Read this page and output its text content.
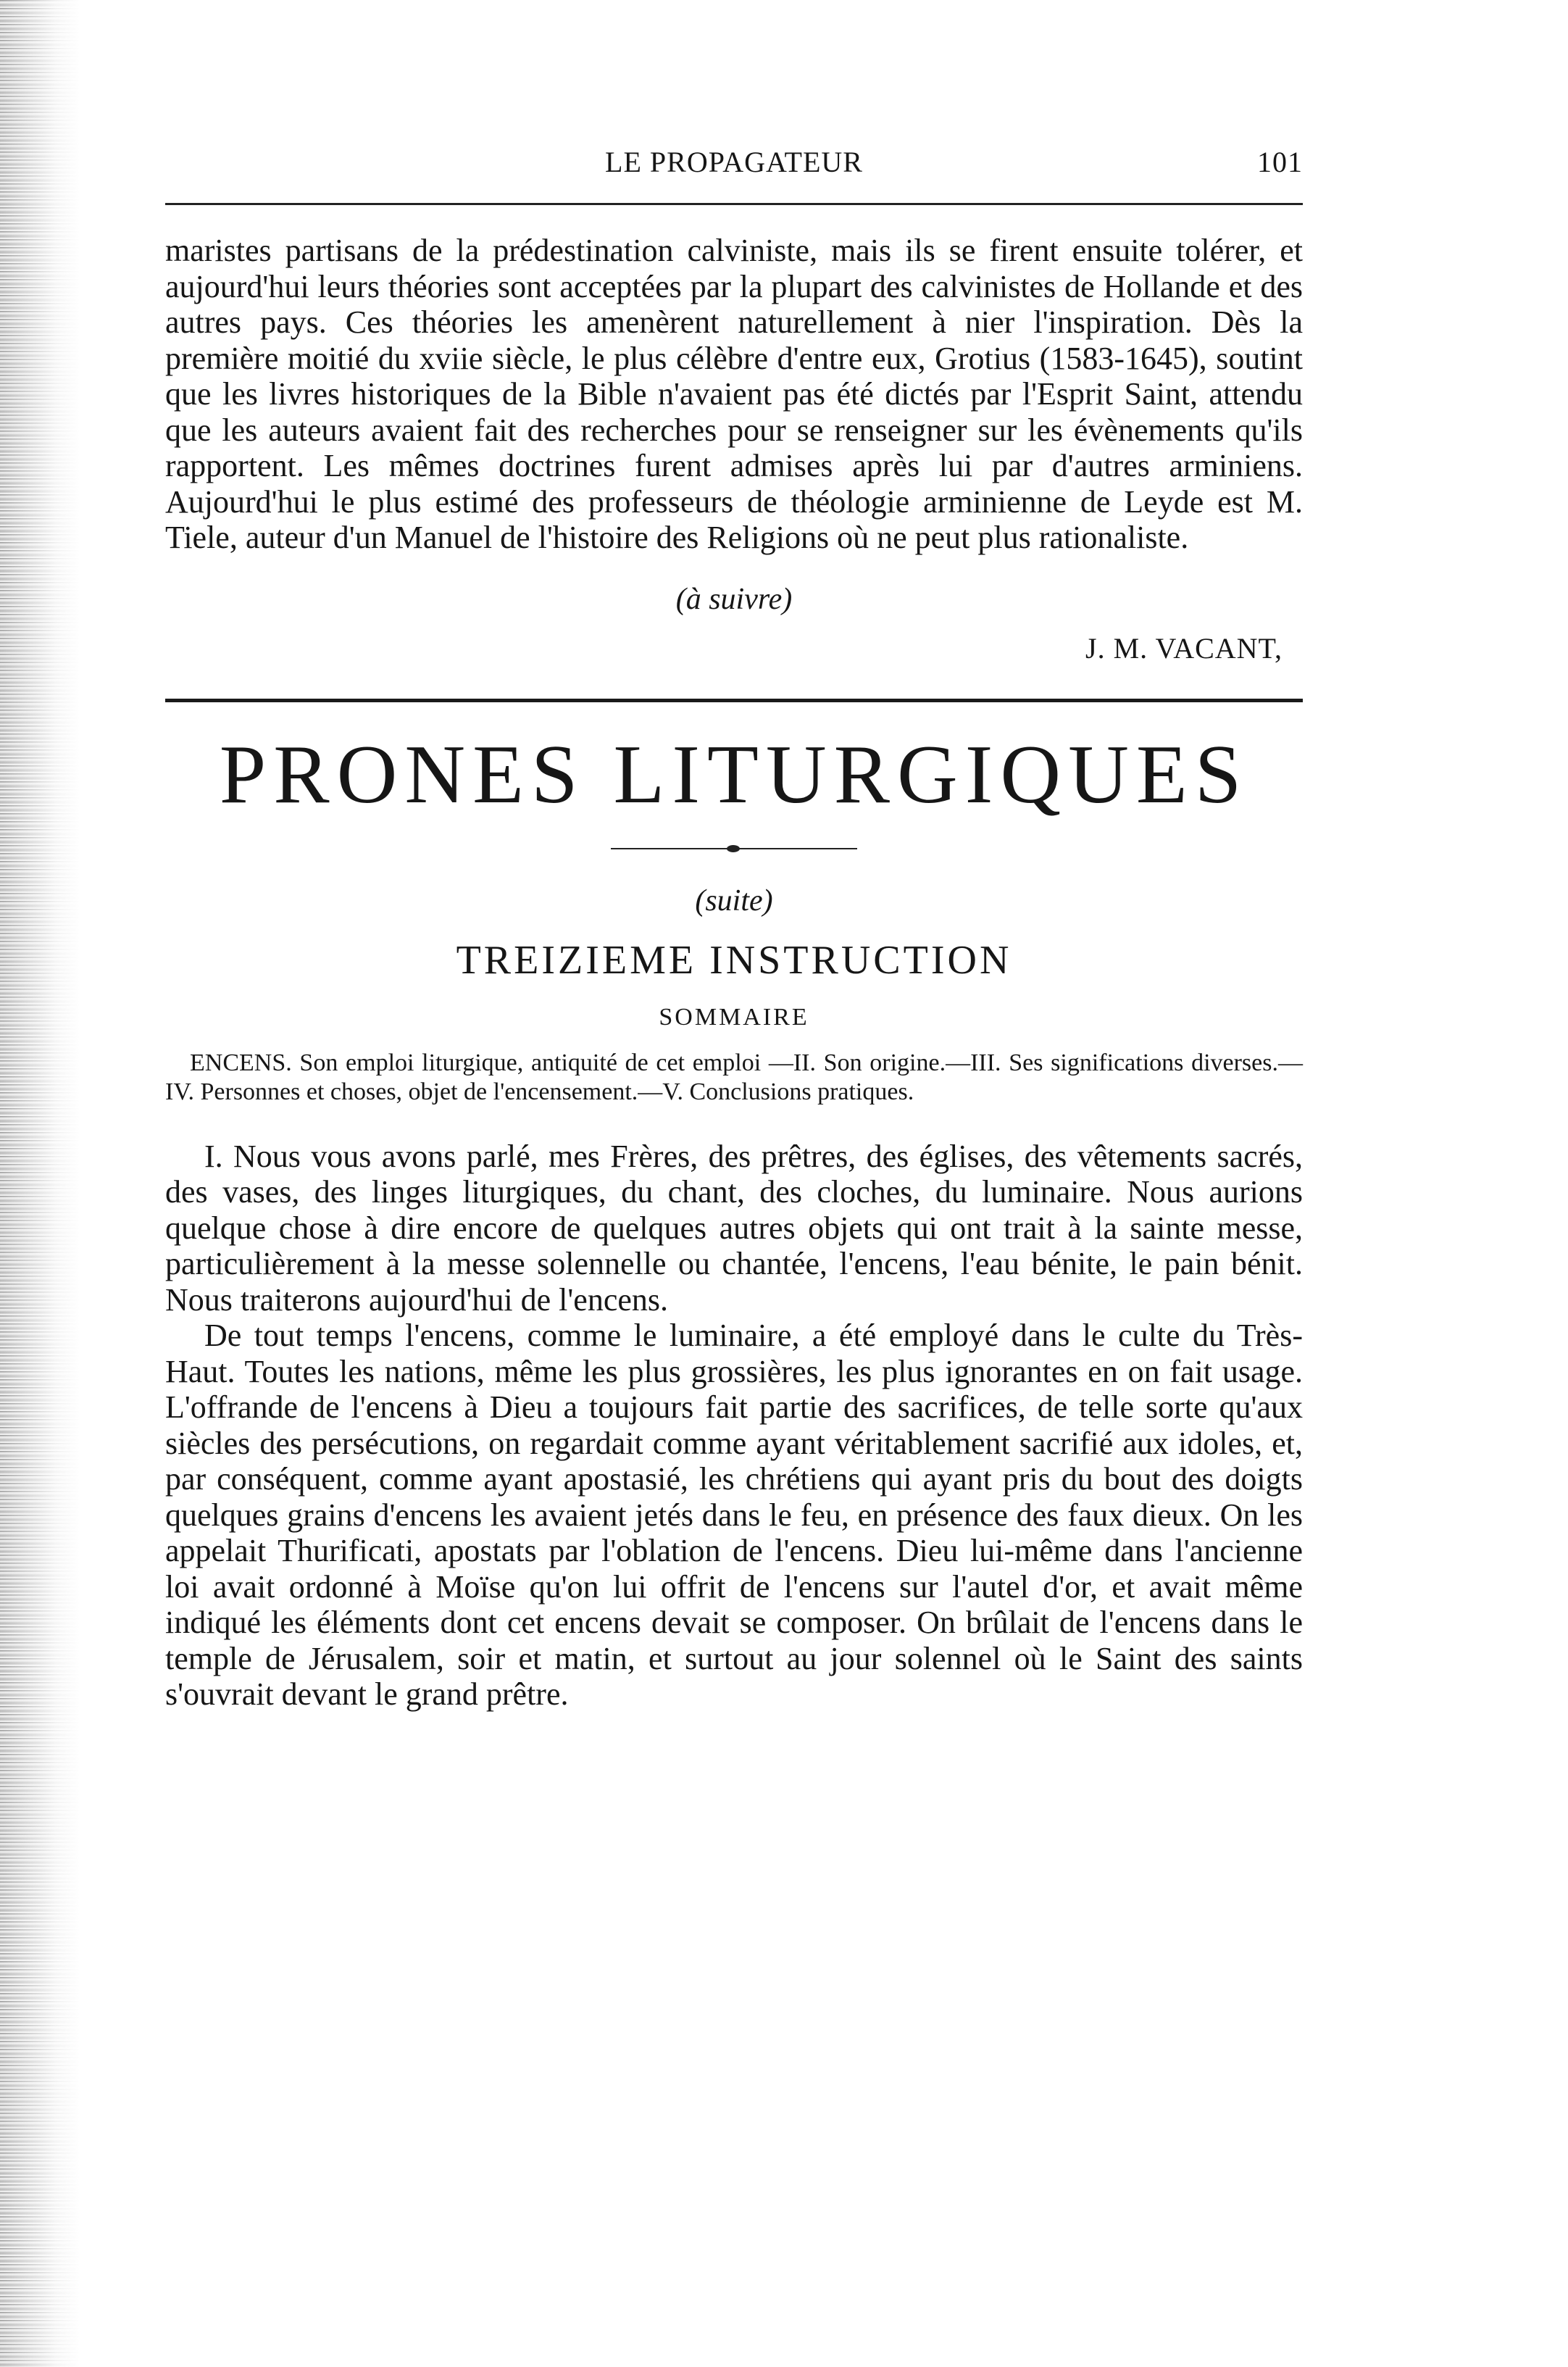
LE PROPAGATEUR	101

maristes partisans de la prédestination calviniste, mais ils se firent ensuite tolérer, et aujourd'hui leurs théories sont acceptées par la plupart des calvinistes de Hollande et des autres pays. Ces théories les amenèrent naturellement à nier l'inspiration. Dès la première moitié du xviie siècle, le plus célèbre d'entre eux, Grotius (1583-1645), soutint que les livres historiques de la Bible n'avaient pas été dictés par l'Esprit Saint, attendu que les auteurs avaient fait des recherches pour se renseigner sur les évènements qu'ils rapportent. Les mêmes doctrines furent admises après lui par d'autres arminiens. Aujourd'hui le plus estimé des professeurs de théologie arminienne de Leyde est M. Tiele, auteur d'un Manuel de l'histoire des Religions où ne peut plus rationaliste.

(à suivre)
J. M. VACANT,
PRONES LITURGIQUES
(suite)
TREIZIEME INSTRUCTION
SOMMAIRE

ENCENS. Son emploi liturgique, antiquité de cet emploi —II. Son origine.—III. Ses significations diverses.—IV. Personnes et choses, objet de l'encensement.—V. Conclusions pratiques.

I. Nous vous avons parlé, mes Frères, des prêtres, des églises, des vêtements sacrés, des vases, des linges liturgiques, du chant, des cloches, du luminaire. Nous aurions quelque chose à dire encore de quelques autres objets qui ont trait à la sainte messe, particulièrement à la messe solennelle ou chantée, l'encens, l'eau bénite, le pain bénit. Nous traiterons aujourd'hui de l'encens.

De tout temps l'encens, comme le luminaire, a été employé dans le culte du Très-Haut. Toutes les nations, même les plus grossières, les plus ignorantes en on fait usage. L'offrande de l'encens à Dieu a toujours fait partie des sacrifices, de telle sorte qu'aux siècles des persécutions, on regardait comme ayant véritablement sacrifié aux idoles, et, par conséquent, comme ayant apostasié, les chrétiens qui ayant pris du bout des doigts quelques grains d'encens les avaient jetés dans le feu, en présence des faux dieux. On les appelait Thurificati, apostats par l'oblation de l'encens. Dieu lui-même dans l'ancienne loi avait ordonné à Moïse qu'on lui offrit de l'encens sur l'autel d'or, et avait même indiqué les éléments dont cet encens devait se composer. On brûlait de l'encens dans le temple de Jérusalem, soir et matin, et surtout au jour solennel où le Saint des saints s'ouvrait devant le grand prêtre.
